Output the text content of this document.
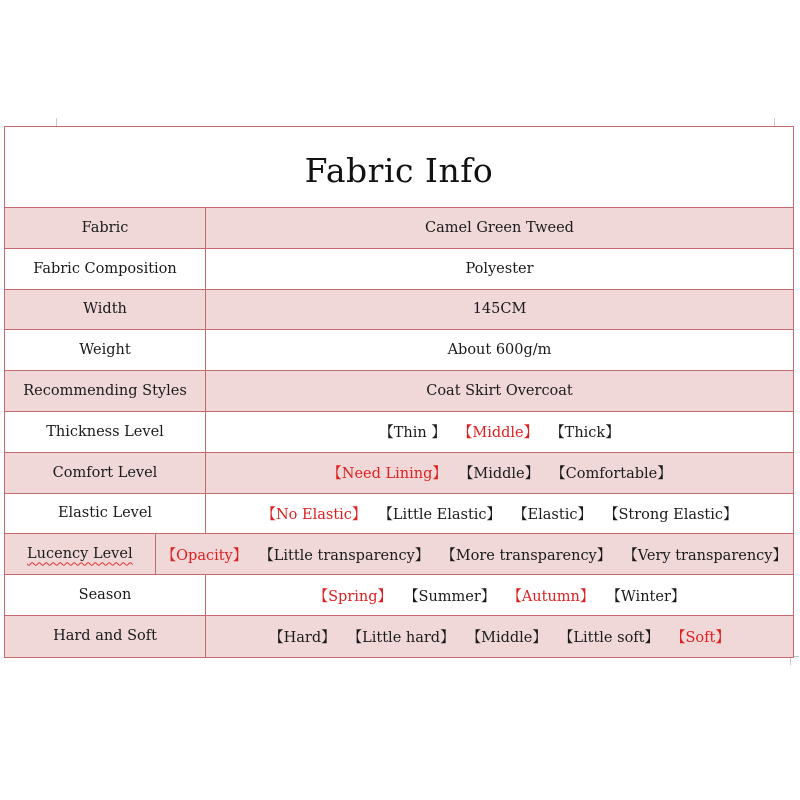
Fabric Info
Fabric	Camel Green Tweed
Fabric Composition	Polyester
Width	145CM
Weight	About 600g/m
Recommending Styles	Coat Skirt Overcoat
Thickness Level	【Thin 】 【Middle】 【Thick】
Comfort Level	【Need Lining】 【Middle】 【Comfortable】
Elastic Level	【No Elastic】 【Little Elastic】 【Elastic】 【Strong Elastic】
Lucency Level 【Opacity】 【Little transparency】 【More transparency】 【Very transparency】
Season	【Spring】 【Summer】 【Autumn】 【Winter】
Hard and Soft	【Hard】 【Little hard】 【Middle】 【Little soft】 【Soft】
